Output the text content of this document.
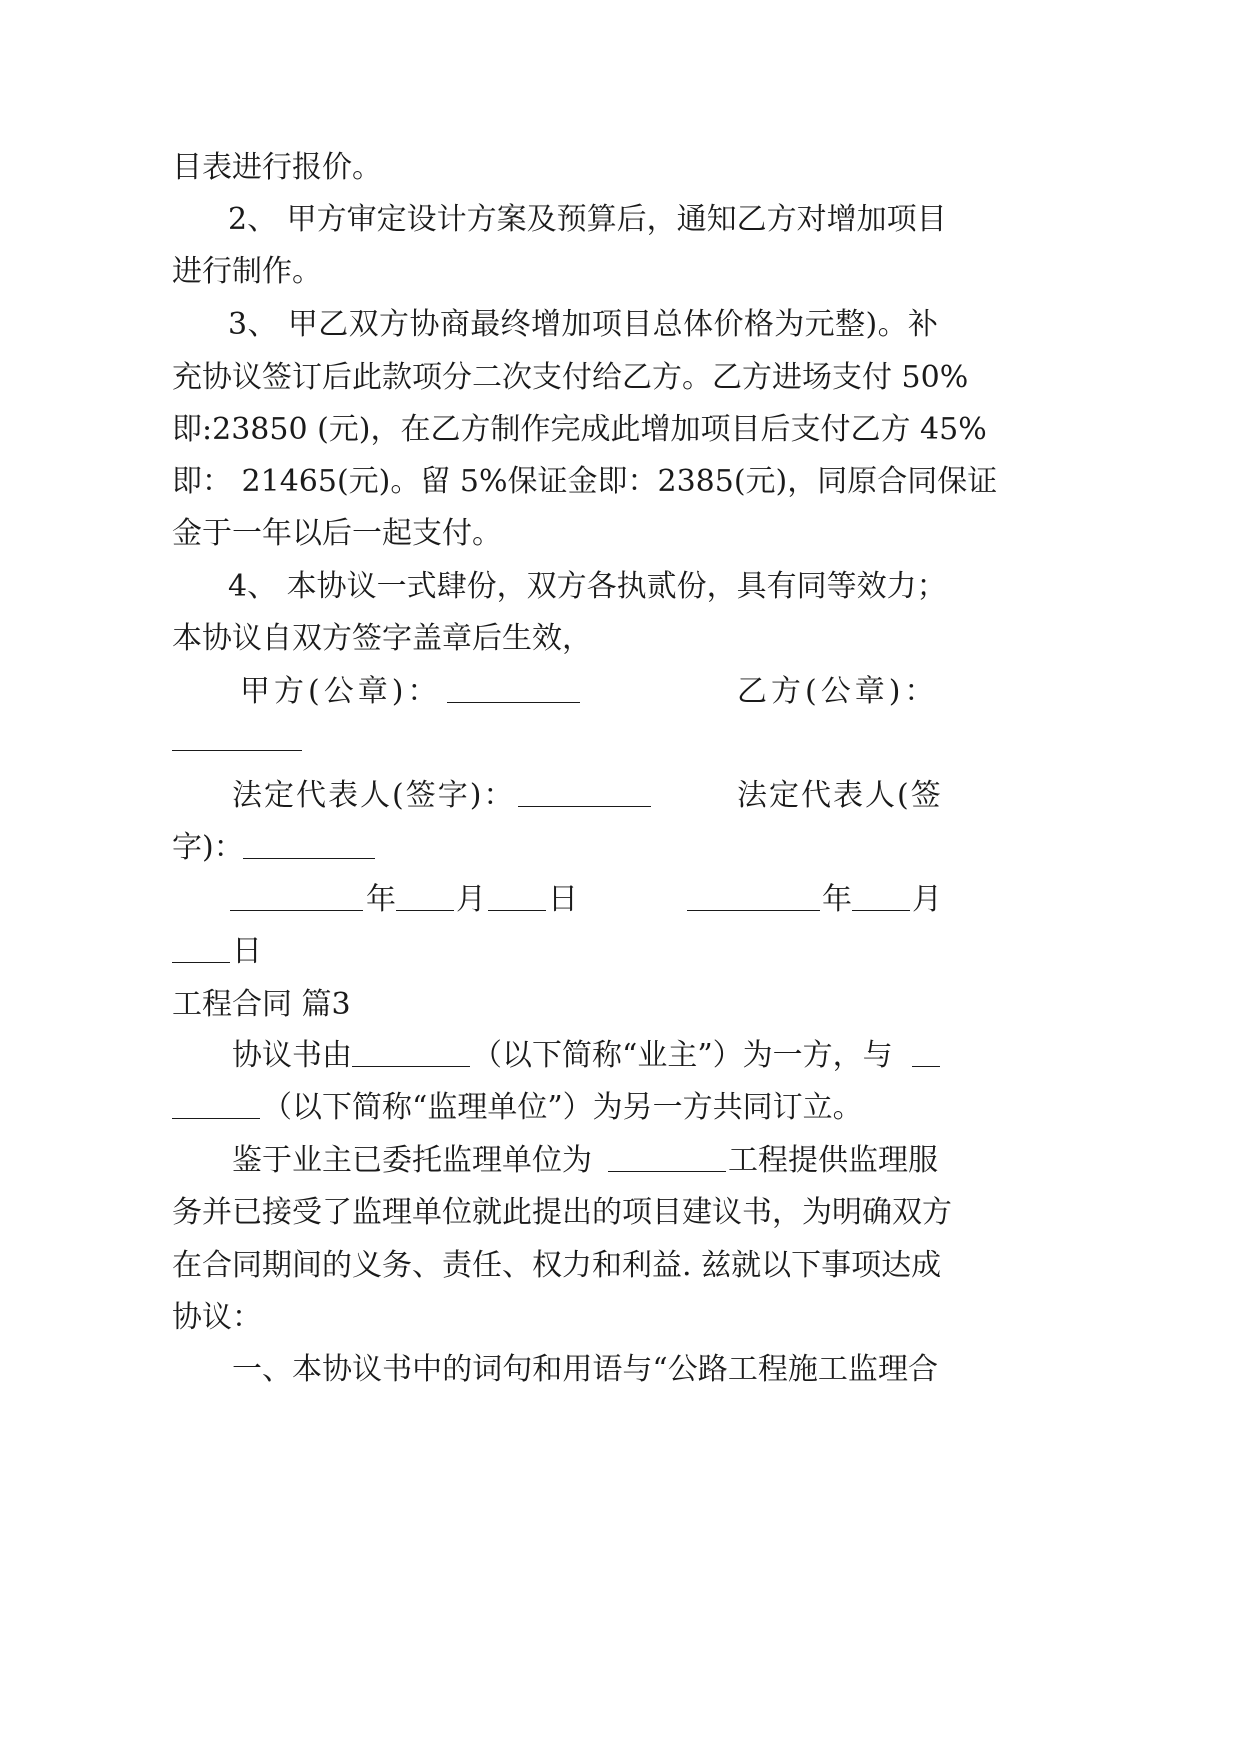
目表进行报价。
2、 甲方审定设计方案及预算后，通知乙方对增加项目
进行制作。
3、 甲乙双方协商最终增加项目总体价格为元整)。补
充协议签订后此款项分二次支付给乙方。乙方进场支付 50%
即:23850 (元)，在乙方制作完成此增加项目后支付乙方 45%
即： 21465(元)。留 5%保证金即：2385(元)，同原合同保证
金于一年以后一起支付。
4、 本协议一式肆份，双方各执贰份，具有同等效力；
本协议自双方签字盖章后生效，
甲方(公章)：	乙方(公章)：
法定代表人(签字)：	法定代表人(签
字)：
年 月 日	年 月
日
工程合同 篇3
协议书由	（以下简称“业主”）为一方，与
（以下简称“监理单位”）为另一方共同订立。
鉴于业主已委托监理单位为	工程提供监理服
务并已接受了监理单位就此提出的项目建议书，为明确双方
在合同期间的义务、责任、权力和利益. 兹就以下事项达成
协议：
一、本协议书中的词句和用语与“公路工程施工监理合
